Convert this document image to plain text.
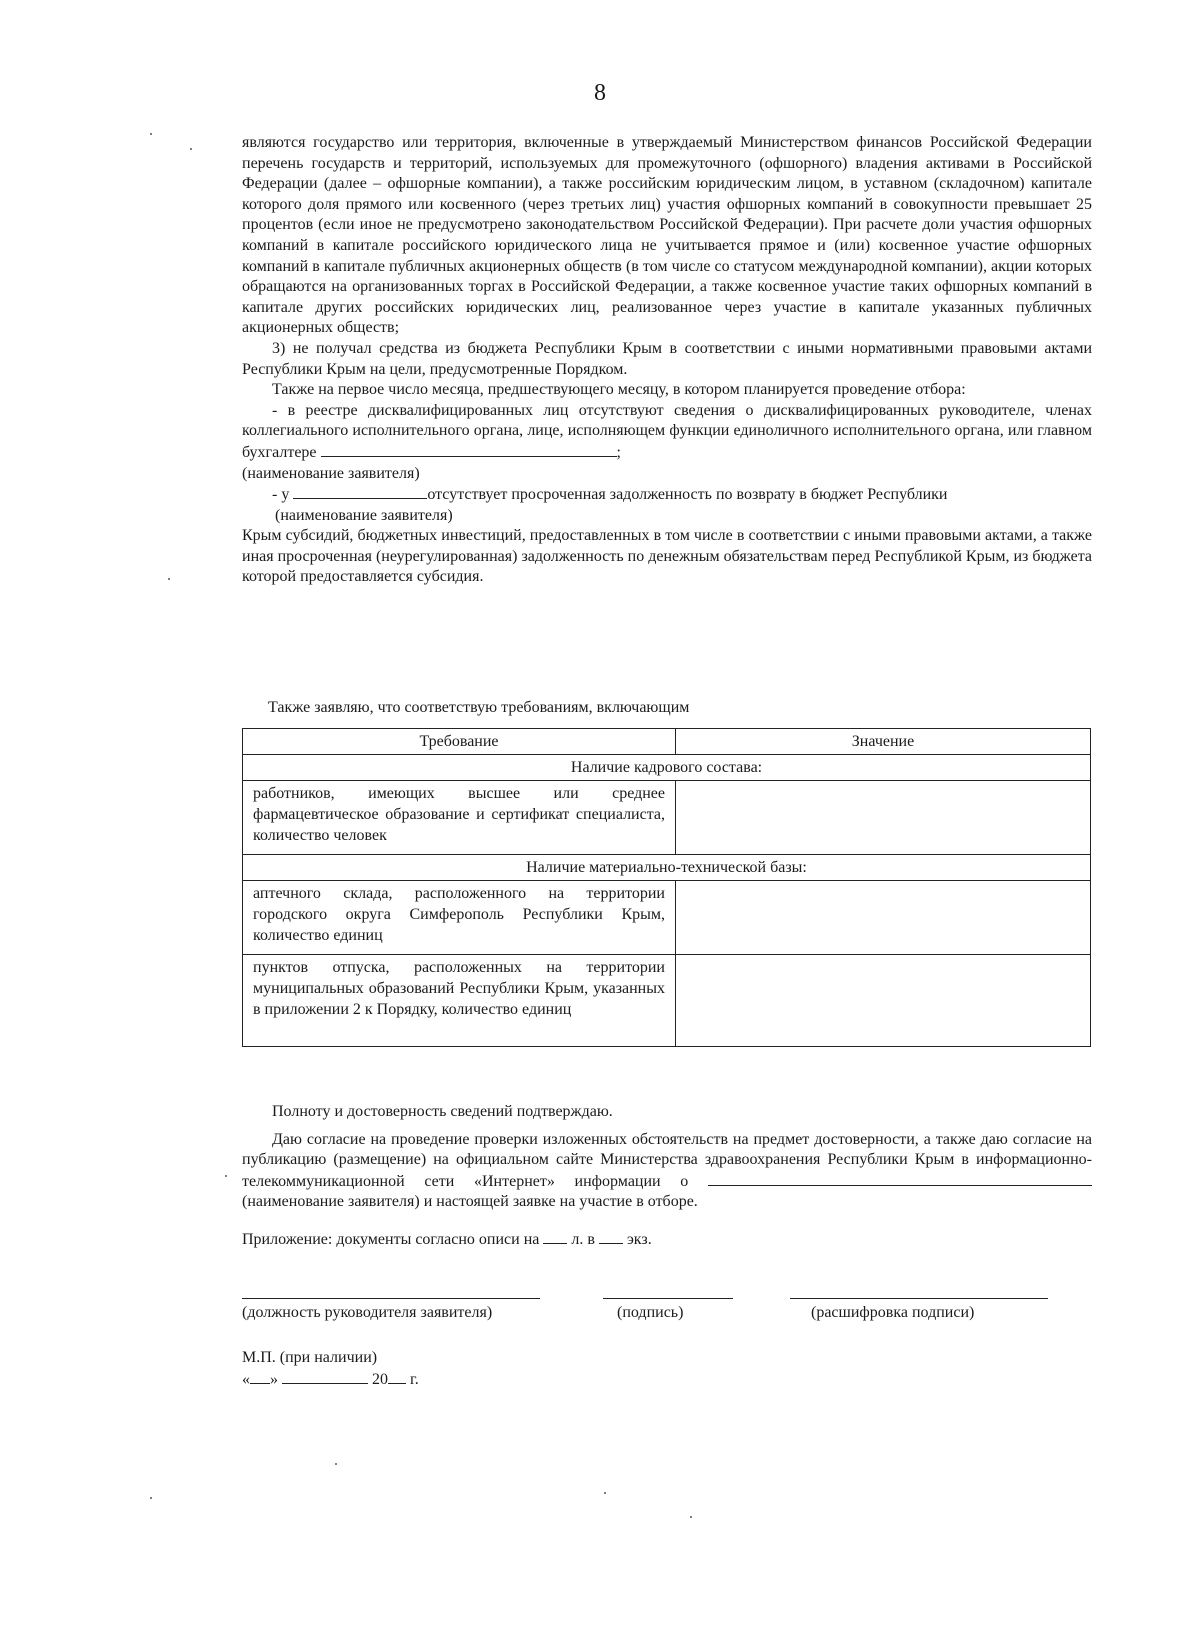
8

являются государство или территория, включенные в утверждаемый Министерством финансов Российской Федерации перечень государств и территорий, используемых для промежуточного (офшорного) владения активами в Российской Федерации (далее – офшорные компании), а также российским юридическим лицом, в уставном (складочном) капитале которого доля прямого или косвенного (через третьих лиц) участия офшорных компаний в совокупности превышает 25 процентов (если иное не предусмотрено законодательством Российской Федерации). При расчете доли участия офшорных компаний в капитале российского юридического лица не учитывается прямое и (или) косвенное участие офшорных компаний в капитале публичных акционерных обществ (в том числе со статусом международной компании), акции которых обращаются на организованных торгах в Российской Федерации, а также косвенное участие таких офшорных компаний в капитале других российских юридических лиц, реализованное через участие в капитале указанных публичных акционерных обществ;

3) не получал средства из бюджета Республики Крым в соответствии с иными нормативными правовыми актами Республики Крым на цели, предусмотренные Порядком.

Также на первое число месяца, предшествующего месяцу, в котором планируется проведение отбора:

- в реестре дисквалифицированных лиц отсутствуют сведения о дисквалифицированных руководителе, членах коллегиального исполнительного органа, лице, исполняющем функции единоличного исполнительного органа, или главном бухгалтере	;

(наименование заявителя)

- у	отсутствует просроченная задолженность по возврату в бюджет Республики

(наименование заявителя)

Крым субсидий, бюджетных инвестиций, предоставленных в том числе в соответствии с иными правовыми актами, а также иная просроченная (неурегулированная) задолженность по денежным обязательствам перед Республикой Крым, из бюджета которой предоставляется субсидия.

Также заявляю, что соответствую требованиям, включающим
Требование	Значение
Наличие кадрового состава:	
работников, имеющих высшее или среднее фармацевтическое образование и сертификат специалиста, количество человек	
Наличие материально-технической базы:	
аптечного склада, расположенного на территории городского округа Симферополь Республики Крым, количество единиц	
пунктов отпуска, расположенных на территории муниципальных образований Республики Крым, указанных в приложении 2 к Порядку, количество единиц	

Полноту и достоверность сведений подтверждаю.

Даю согласие на проведение проверки изложенных обстоятельств на предмет достоверности, а также даю согласие на публикацию (размещение) на официальном сайте Министерства здравоохранения Республики Крым в информационно-телекоммуникационной сети «Интернет» информации о  (наименование заявителя) и настоящей заявке на участие в отборе.

Приложение: документы согласно описи на л. в экз.

(должность руководителя заявителя)	(подпись)	(расшифровка подписи)
М.П. (при наличии)
« »	20 г.
